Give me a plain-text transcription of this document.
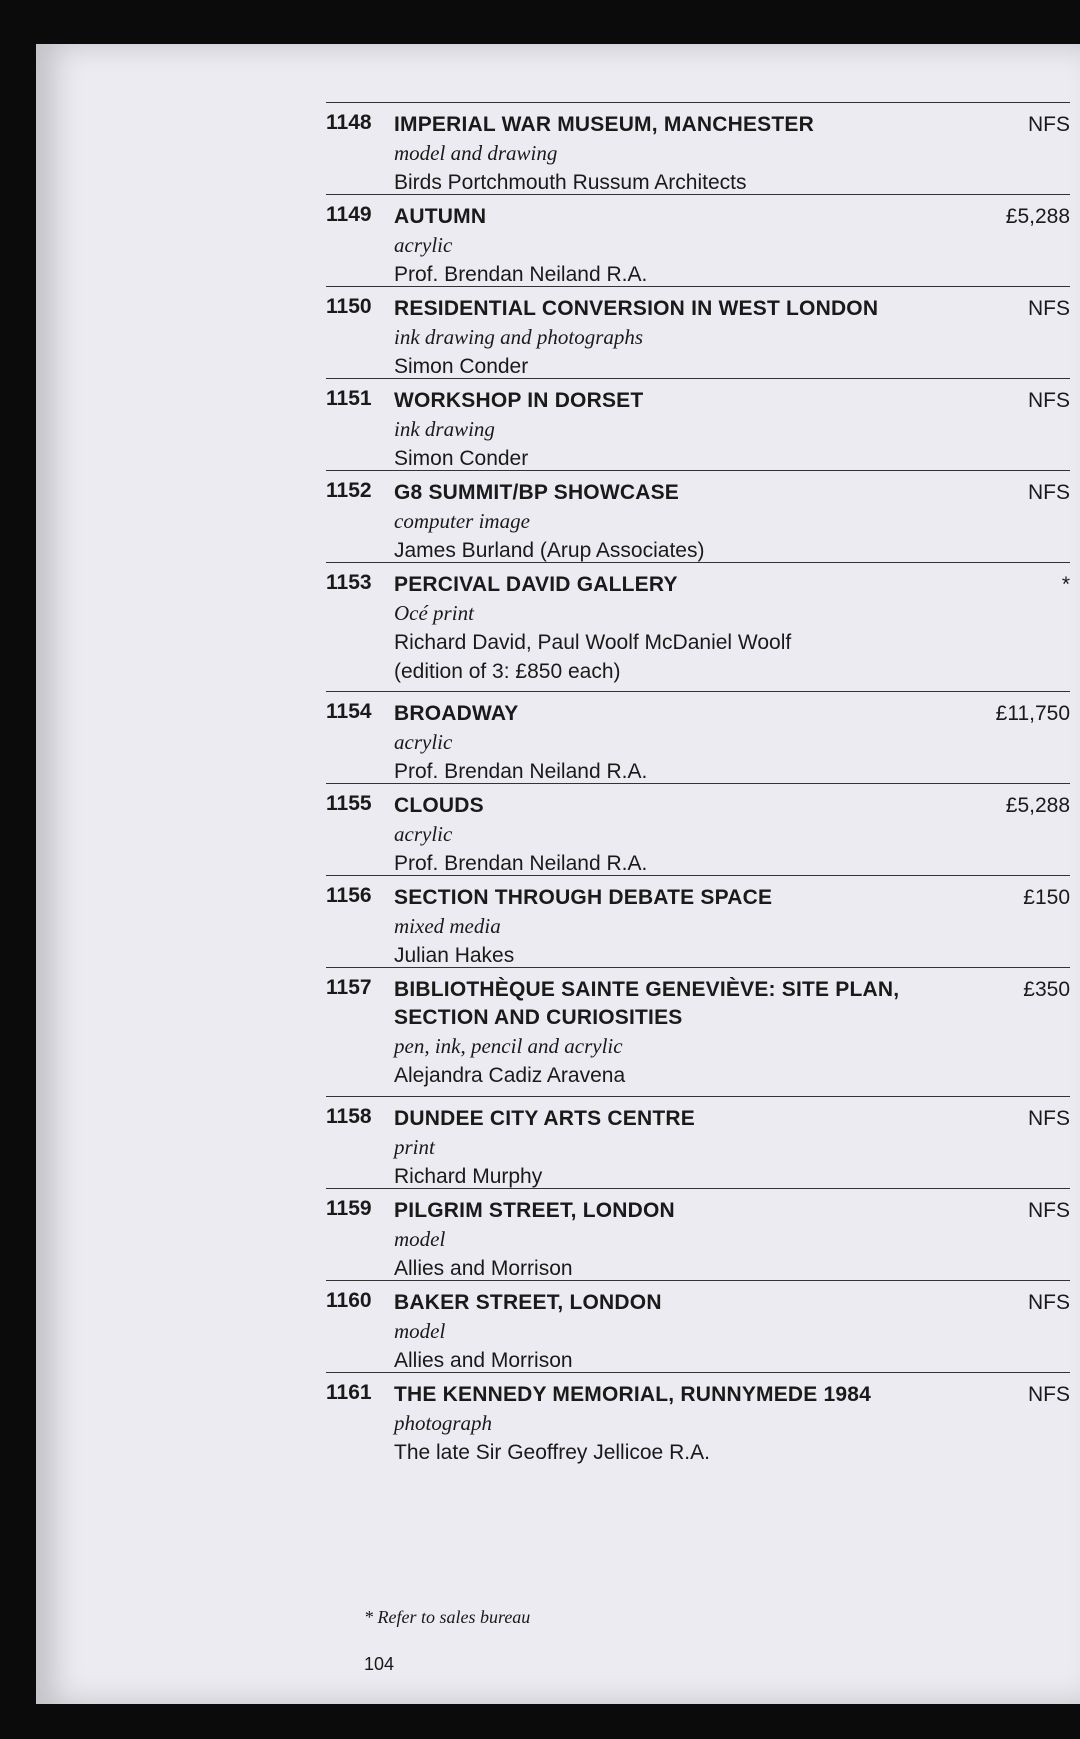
1148	IMPERIAL WAR MUSEUM, MANCHESTER
model and drawing
Birds Portchmouth Russum Architects
NFS
1149	AUTUMN
acrylic
Prof. Brendan Neiland R.A.
£5,288
1150	RESIDENTIAL CONVERSION IN WEST LONDON
ink drawing and photographs
Simon Conder
NFS
1151	WORKSHOP IN DORSET
ink drawing
Simon Conder
NFS
1152	G8 SUMMIT/BP SHOWCASE
computer image
James Burland (Arup Associates)
NFS
1153	PERCIVAL DAVID GALLERY
Océ print
Richard David, Paul Woolf McDaniel Woolf
(edition of 3: £850 each)
*
1154	BROADWAY
acrylic
Prof. Brendan Neiland R.A.
£11,750
1155	CLOUDS
acrylic
Prof. Brendan Neiland R.A.
£5,288
1156	SECTION THROUGH DEBATE SPACE
mixed media
Julian Hakes
£150
1157	BIBLIOTHÈQUE SAINTE GENEVIÈVE: SITE PLAN,
SECTION AND CURIOSITIES
pen, ink, pencil and acrylic
Alejandra Cadiz Aravena
£350
1158	DUNDEE CITY ARTS CENTRE
print
Richard Murphy
NFS
1159	PILGRIM STREET, LONDON
model
Allies and Morrison
NFS
1160	BAKER STREET, LONDON
model
Allies and Morrison
NFS
1161	THE KENNEDY MEMORIAL, RUNNYMEDE 1984
photograph
The late Sir Geoffrey Jellicoe R.A.
NFS
* Refer to sales bureau
104
